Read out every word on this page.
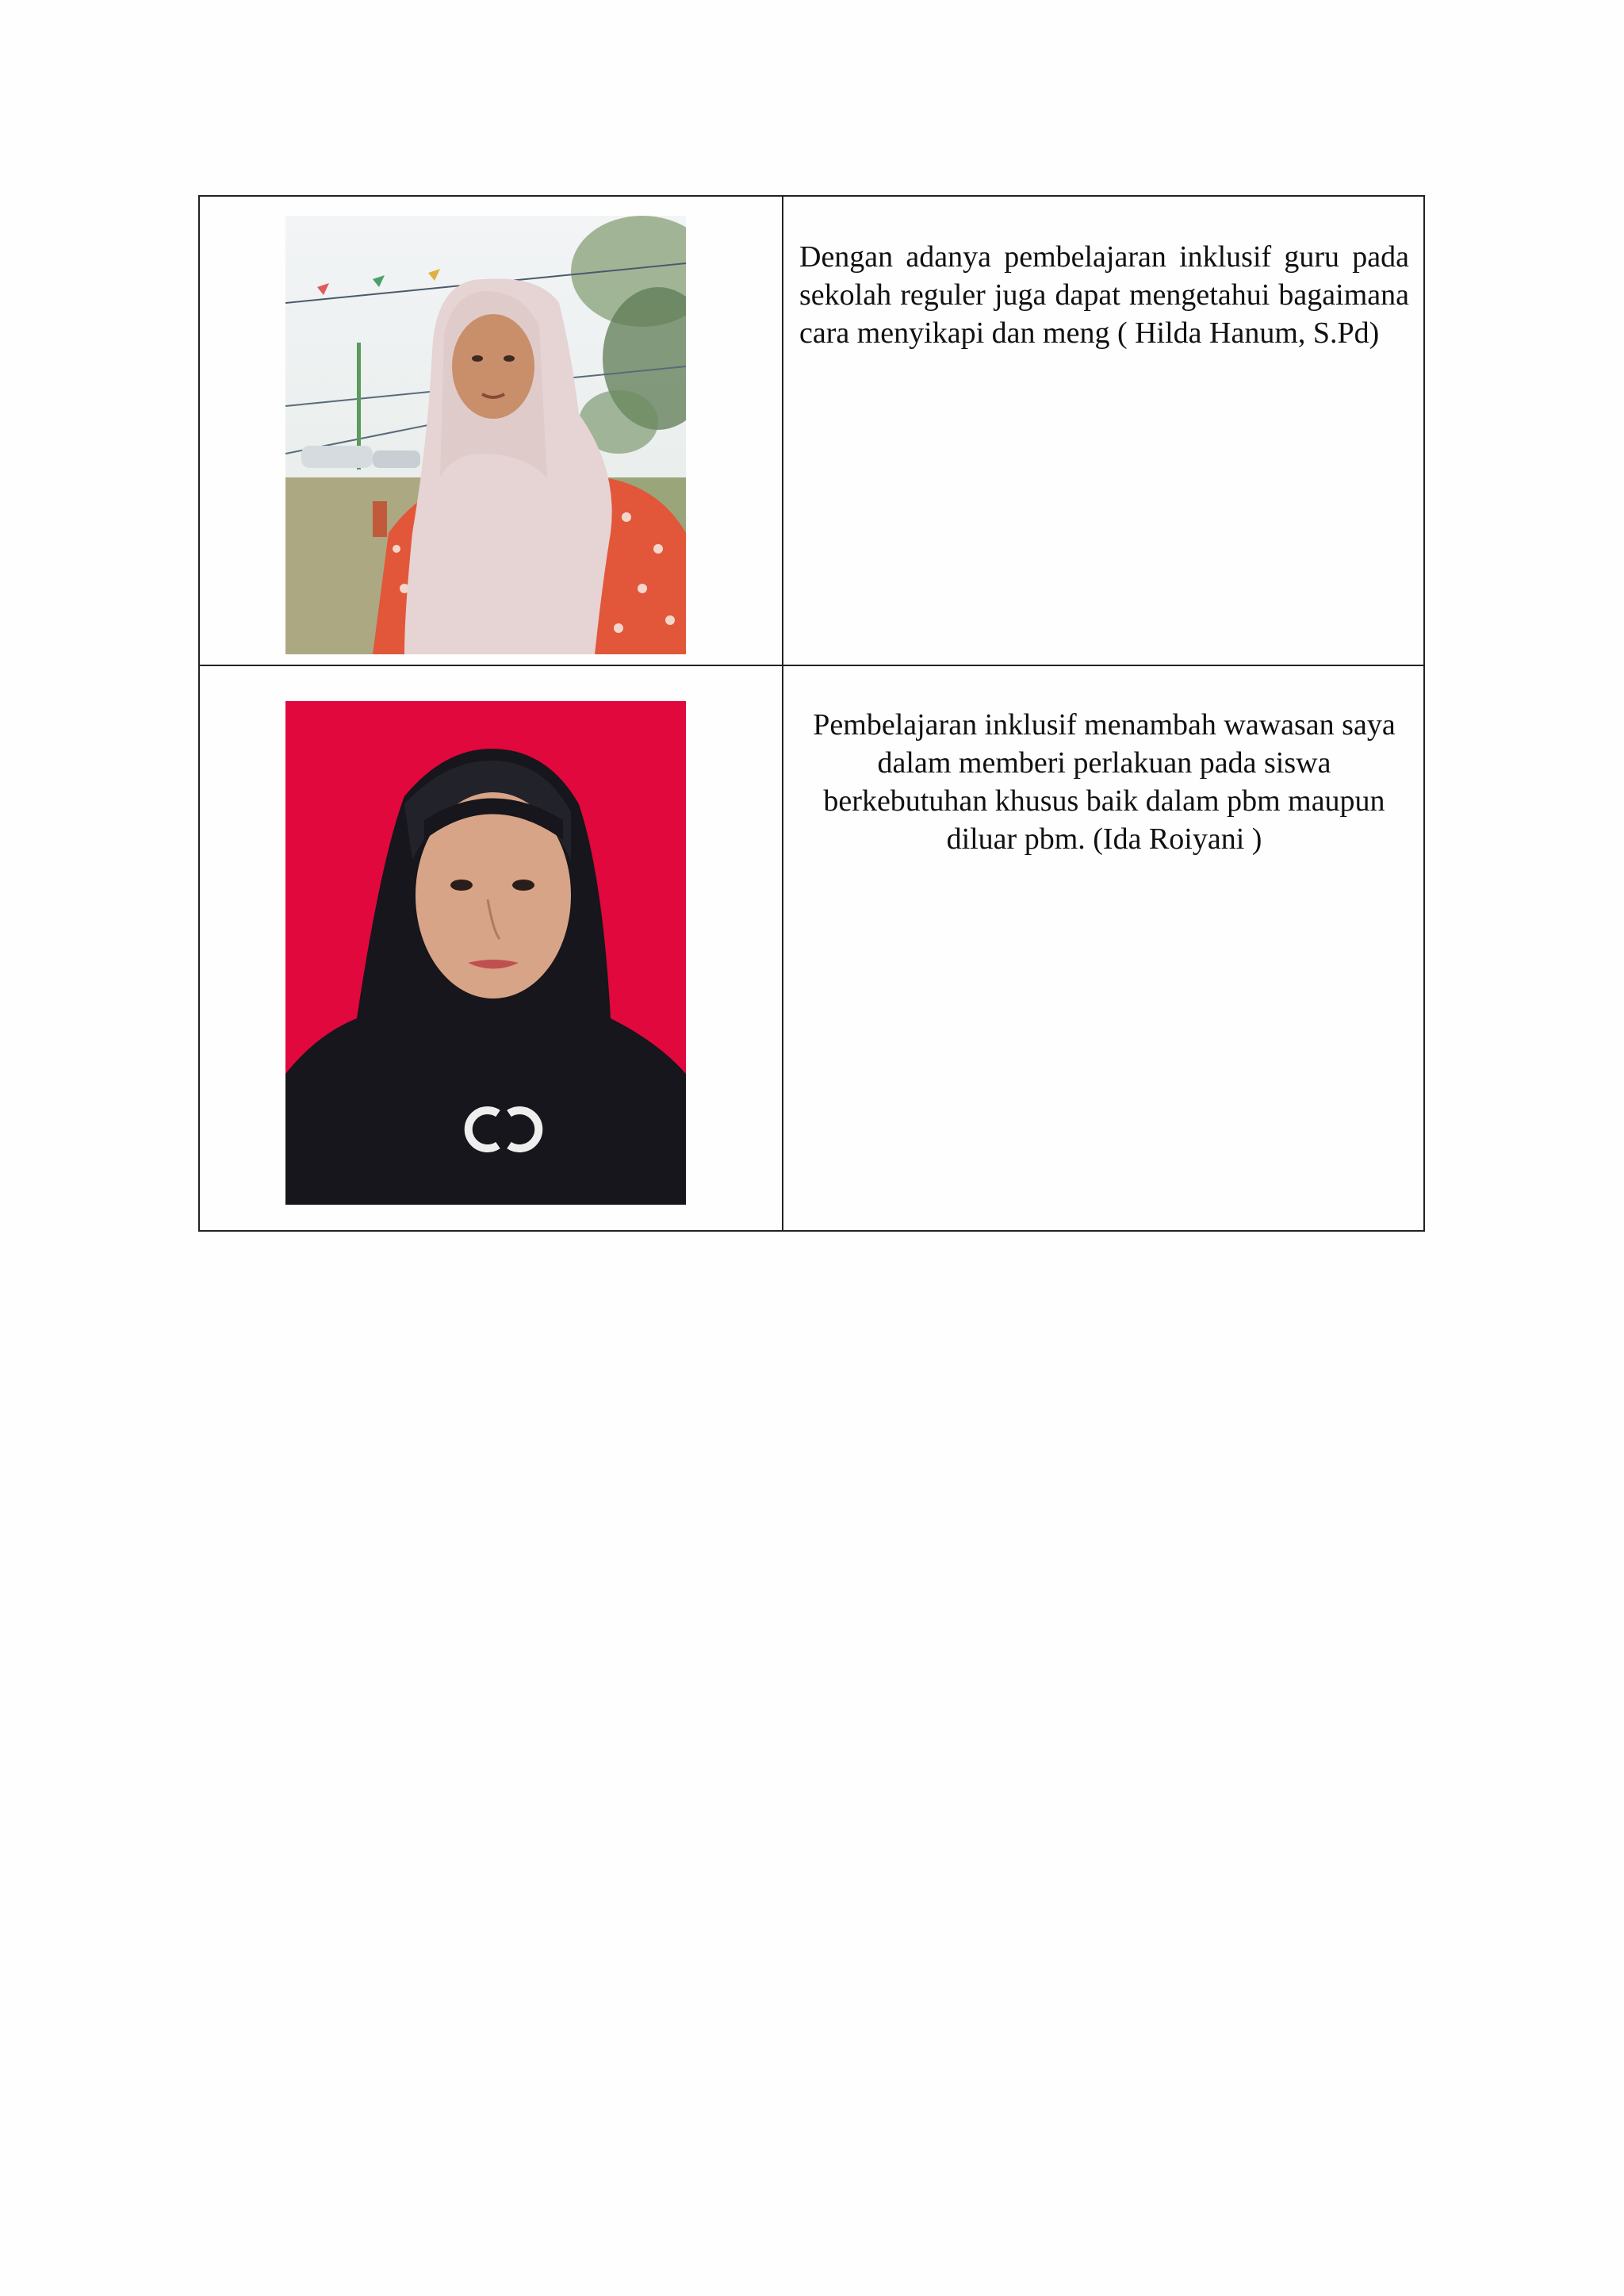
Dengan adanya pembelajaran inklusif guru pada sekolah reguler juga dapat mengetahui bagaimana cara menyikapi dan meng ( Hilda Hanum, S.Pd)

Pembelajaran inklusif menambah wawasan saya dalam memberi perlakuan pada siswa berkebutuhan khusus baik dalam pbm maupun diluar pbm. (Ida Roiyani )
